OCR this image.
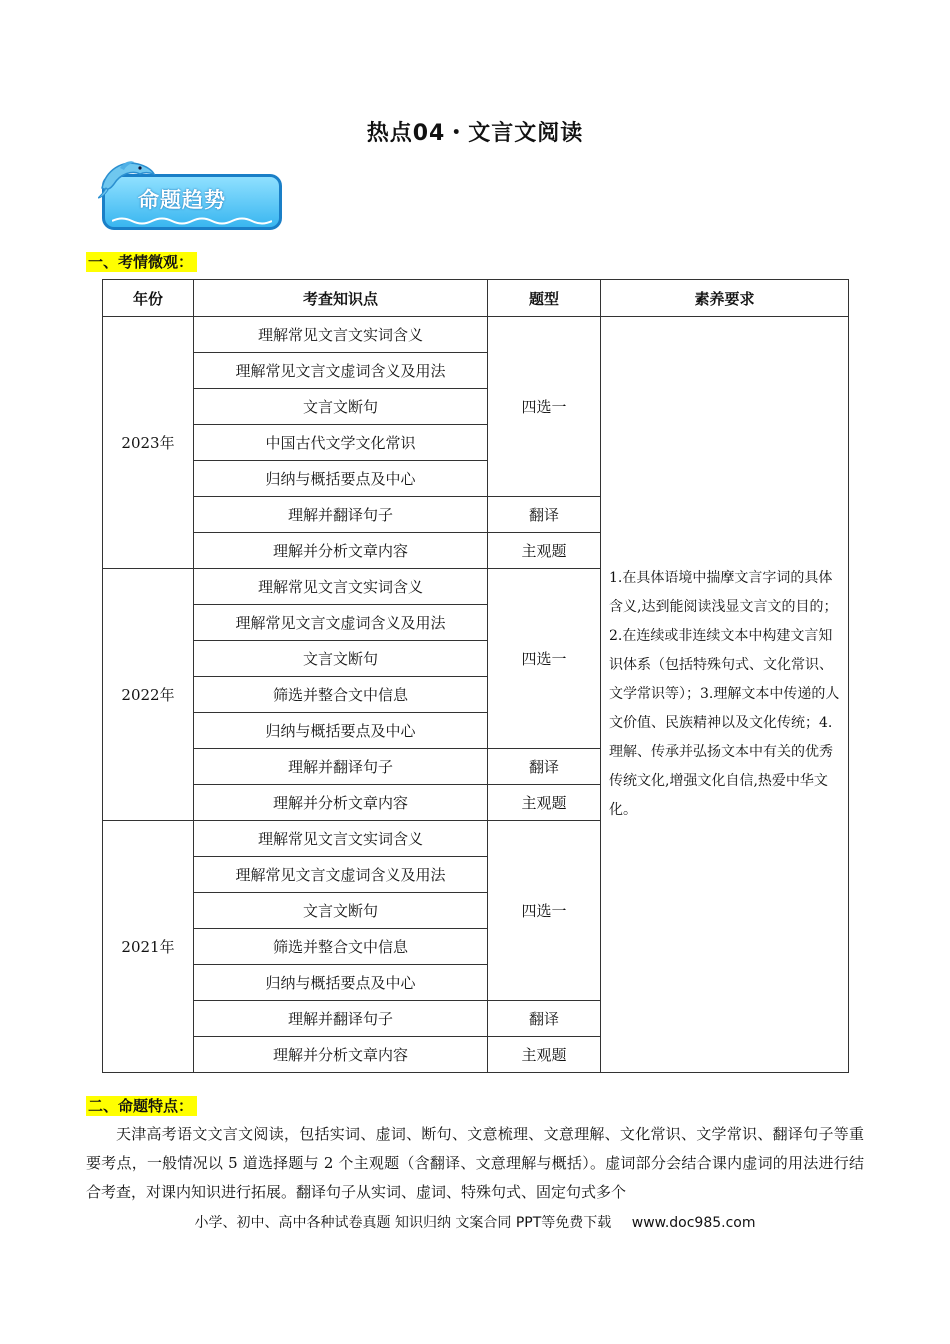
热点04・文言文阅读
命题趋势
一、考情微观：
年份	考查知识点	题型	素养要求
2023年	理解常见文言文实词含义	四选一	1.在具体语境中揣摩文言字词的具体含义,达到能阅读浅显文言文的目的；2.在连续或非连续文本中构建文言知识体系（包括特殊句式、文化常识、文学常识等）；3.理解文本中传递的人文价值、民族精神以及文化传统；4.理解、传承并弘扬文本中有关的优秀传统文化,增强文化自信,热爱中华文化。
	理解常见文言文虚词含义及用法		
	文言文断句		
	中国古代文学文化常识		
	归纳与概括要点及中心		
	理解并翻译句子	翻译	
	理解并分析文章内容	主观题	
2022年	理解常见文言文实词含义	四选一	
	理解常见文言文虚词含义及用法		
	文言文断句		
	筛选并整合文中信息		
	归纳与概括要点及中心		
	理解并翻译句子	翻译	
	理解并分析文章内容	主观题	
2021年	理解常见文言文实词含义	四选一	
	理解常见文言文虚词含义及用法		
	文言文断句		
	筛选并整合文中信息		
	归纳与概括要点及中心		
	理解并翻译句子	翻译	
	理解并分析文章内容	主观题	
二、命题特点：
天津高考语文文言文阅读，包括实词、虚词、断句、文意梳理、文意理解、文化常识、文学常识、翻译句子等重要考点，一般情况以 5 道选择题与 2 个主观题（含翻译、文意理解与概括）。虚词部分会结合课内虚词的用法进行结合考查，对课内知识进行拓展。翻译句子从实词、虚词、特殊句式、固定句式多个
小学、初中、高中各种试卷真题 知识归纳 文案合同 PPT等免费下载 www.doc985.com
